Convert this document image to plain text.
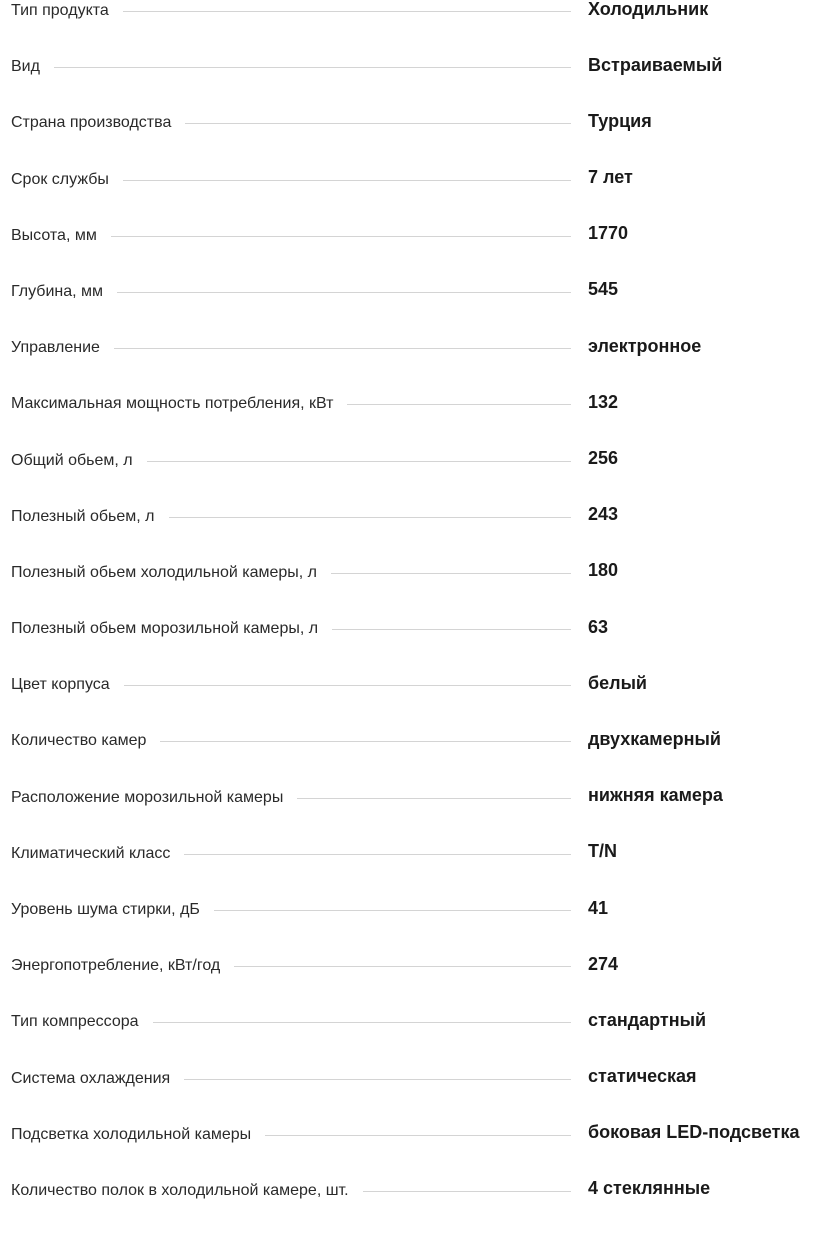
Тип продукта	Холодильник
Вид	Встраиваемый
Страна производства	Турция
Срок службы	7 лет
Высота, мм	1770
Глубина, мм	545
Управление	электронное
Максимальная мощность потребления, кВт	132
Общий обьем, л	256
Полезный обьем, л	243
Полезный обьем холодильной камеры, л	180
Полезный обьем морозильной камеры, л	63
Цвет корпуса	белый
Количество камер	двухкамерный
Расположение морозильной камеры	нижняя камера
Климатический класс	T/N
Уровень шума стирки, дБ	41
Энергопотребление, кВт/год	274
Тип компрессора	стандартный
Система охлаждения	статическая
Подсветка холодильной камеры	боковая LED-подсветка
Количество полок в холодильной камере, шт.	4 стеклянные
